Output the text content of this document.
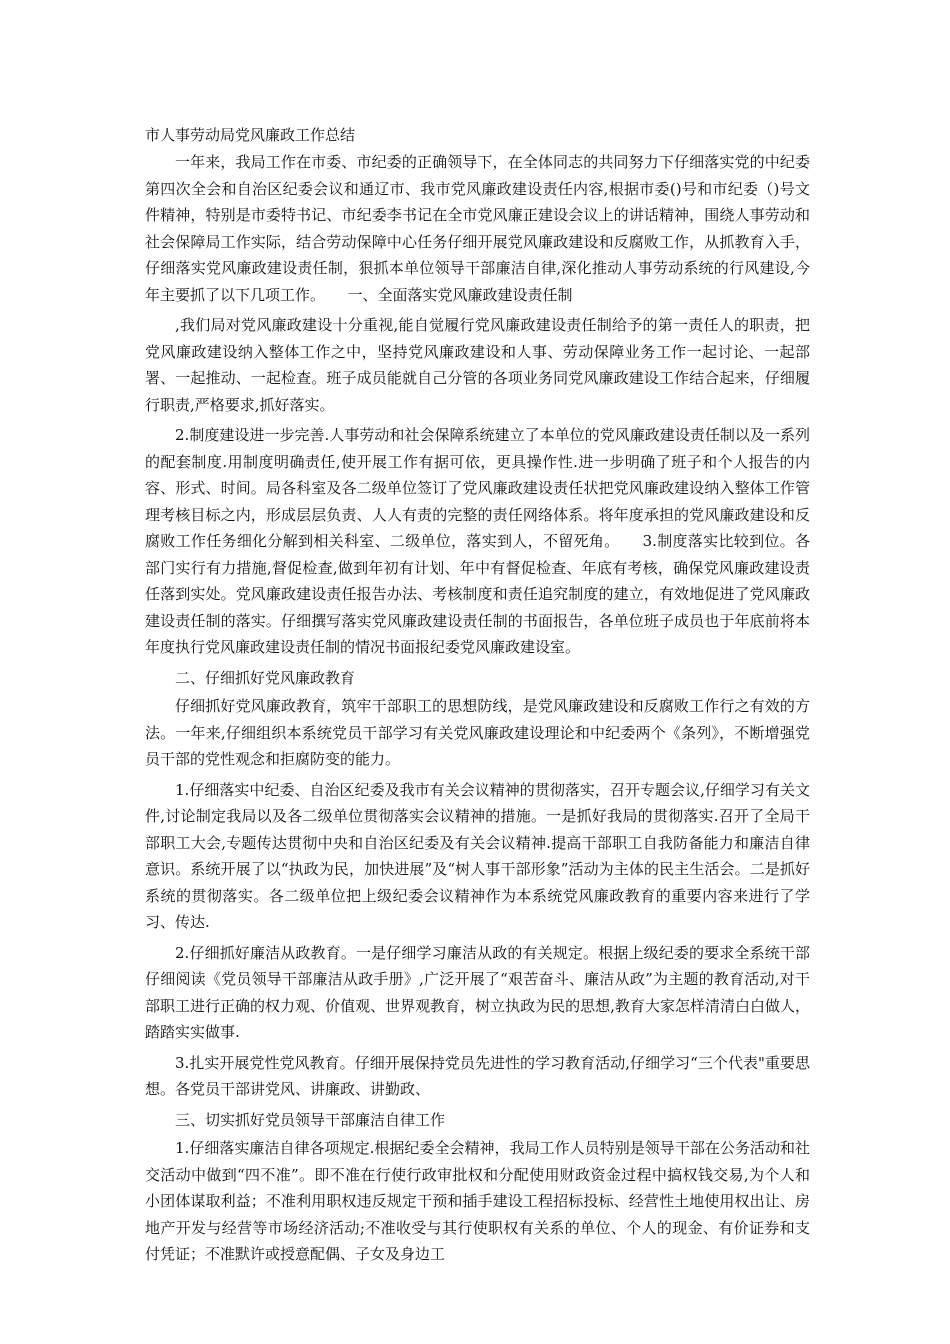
市人事劳动局党风廉政工作总结

一年来，我局工作在市委、市纪委的正确领导下，在全体同志的共同努力下仔细落实党的中纪委第四次全会和自治区纪委会议和通辽市、我市党风廉政建设责任内容,根据市委()号和市纪委（)号文件精神，特别是市委特书记、市纪委李书记在全市党风廉正建设会议上的讲话精神，围绕人事劳动和社会保障局工作实际，结合劳动保障中心任务仔细开展党风廉政建设和反腐败工作，从抓教育入手，仔细落实党风廉政建设责任制，狠抓本单位领导干部廉洁自律,深化推动人事劳动系统的行风建设,今年主要抓了以下几项工作。　　一、全面落实党风廉政建设责任制

,我们局对党风廉政建设十分重视,能自觉履行党风廉政建设责任制给予的第一责任人的职责，把党风廉政建设纳入整体工作之中，坚持党风廉政建设和人事、劳动保障业务工作一起讨论、一起部署、一起推动、一起检查。班子成员能就自己分管的各项业务同党风廉政建设工作结合起来，仔细履行职责,严格要求,抓好落实。

2.制度建设进一步完善.人事劳动和社会保障系统建立了本单位的党风廉政建设责任制以及一系列的配套制度.用制度明确责任,使开展工作有据可依，更具操作性.进一步明确了班子和个人报告的内容、形式、时间。局各科室及各二级单位签订了党风廉政建设责任状把党风廉政建设纳入整体工作管理考核目标之内，形成层层负责、人人有责的完整的责任网络体系。将年度承担的党风廉政建设和反腐败工作任务细化分解到相关科室、二级单位，落实到人，不留死角。　　3.制度落实比较到位。各部门实行有力措施,督促检查,做到年初有计划、年中有督促检查、年底有考核，确保党风廉政建设责任落到实处。党风廉政建设责任报告办法、考核制度和责任追究制度的建立，有效地促进了党风廉政建设责任制的落实。仔细撰写落实党风廉政建设责任制的书面报告，各单位班子成员也于年底前将本年度执行党风廉政建设责任制的情况书面报纪委党风廉政建设室。

二、仔细抓好党风廉政教育

仔细抓好党风廉政教育，筑牢干部职工的思想防线，是党风廉政建设和反腐败工作行之有效的方法。一年来,仔细组织本系统党员干部学习有关党风廉政建设理论和中纪委两个《条列》，不断增强党员干部的党性观念和拒腐防变的能力。

1.仔细落实中纪委、自治区纪委及我市有关会议精神的贯彻落实，召开专题会议,仔细学习有关文件,讨论制定我局以及各二级单位贯彻落实会议精神的措施。一是抓好我局的贯彻落实.召开了全局干部职工大会,专题传达贯彻中央和自治区纪委及有关会议精神.提高干部职工自我防备能力和廉洁自律意识。系统开展了以“执政为民，加快进展”及“树人事干部形象”活动为主体的民主生活会。二是抓好系统的贯彻落实。各二级单位把上级纪委会议精神作为本系统党风廉政教育的重要内容来进行了学习、传达.

2.仔细抓好廉洁从政教育。一是仔细学习廉洁从政的有关规定。根据上级纪委的要求全系统干部仔细阅读《党员领导干部廉洁从政手册》,广泛开展了“艰苦奋斗、廉洁从政”为主题的教育活动,对干部职工进行正确的权力观、价值观、世界观教育，树立执政为民的思想,教育大家怎样清清白白做人，踏踏实实做事.

3.扎实开展党性党风教育。仔细开展保持党员先进性的学习教育活动,仔细学习“三个代表"重要思想。各党员干部讲党风、讲廉政、讲勤政、

三、切实抓好党员领导干部廉洁自律工作

1.仔细落实廉洁自律各项规定.根据纪委全会精神，我局工作人员特别是领导干部在公务活动和社交活动中做到“四不准”。即不准在行使行政审批权和分配使用财政资金过程中搞权钱交易,为个人和小团体谋取利益；不准利用职权违反规定干预和插手建设工程招标投标、经营性土地使用权出让、房地产开发与经营等市场经济活动;不准收受与其行使职权有关系的单位、个人的现金、有价证券和支付凭证；不准默许或授意配偶、子女及身边工
